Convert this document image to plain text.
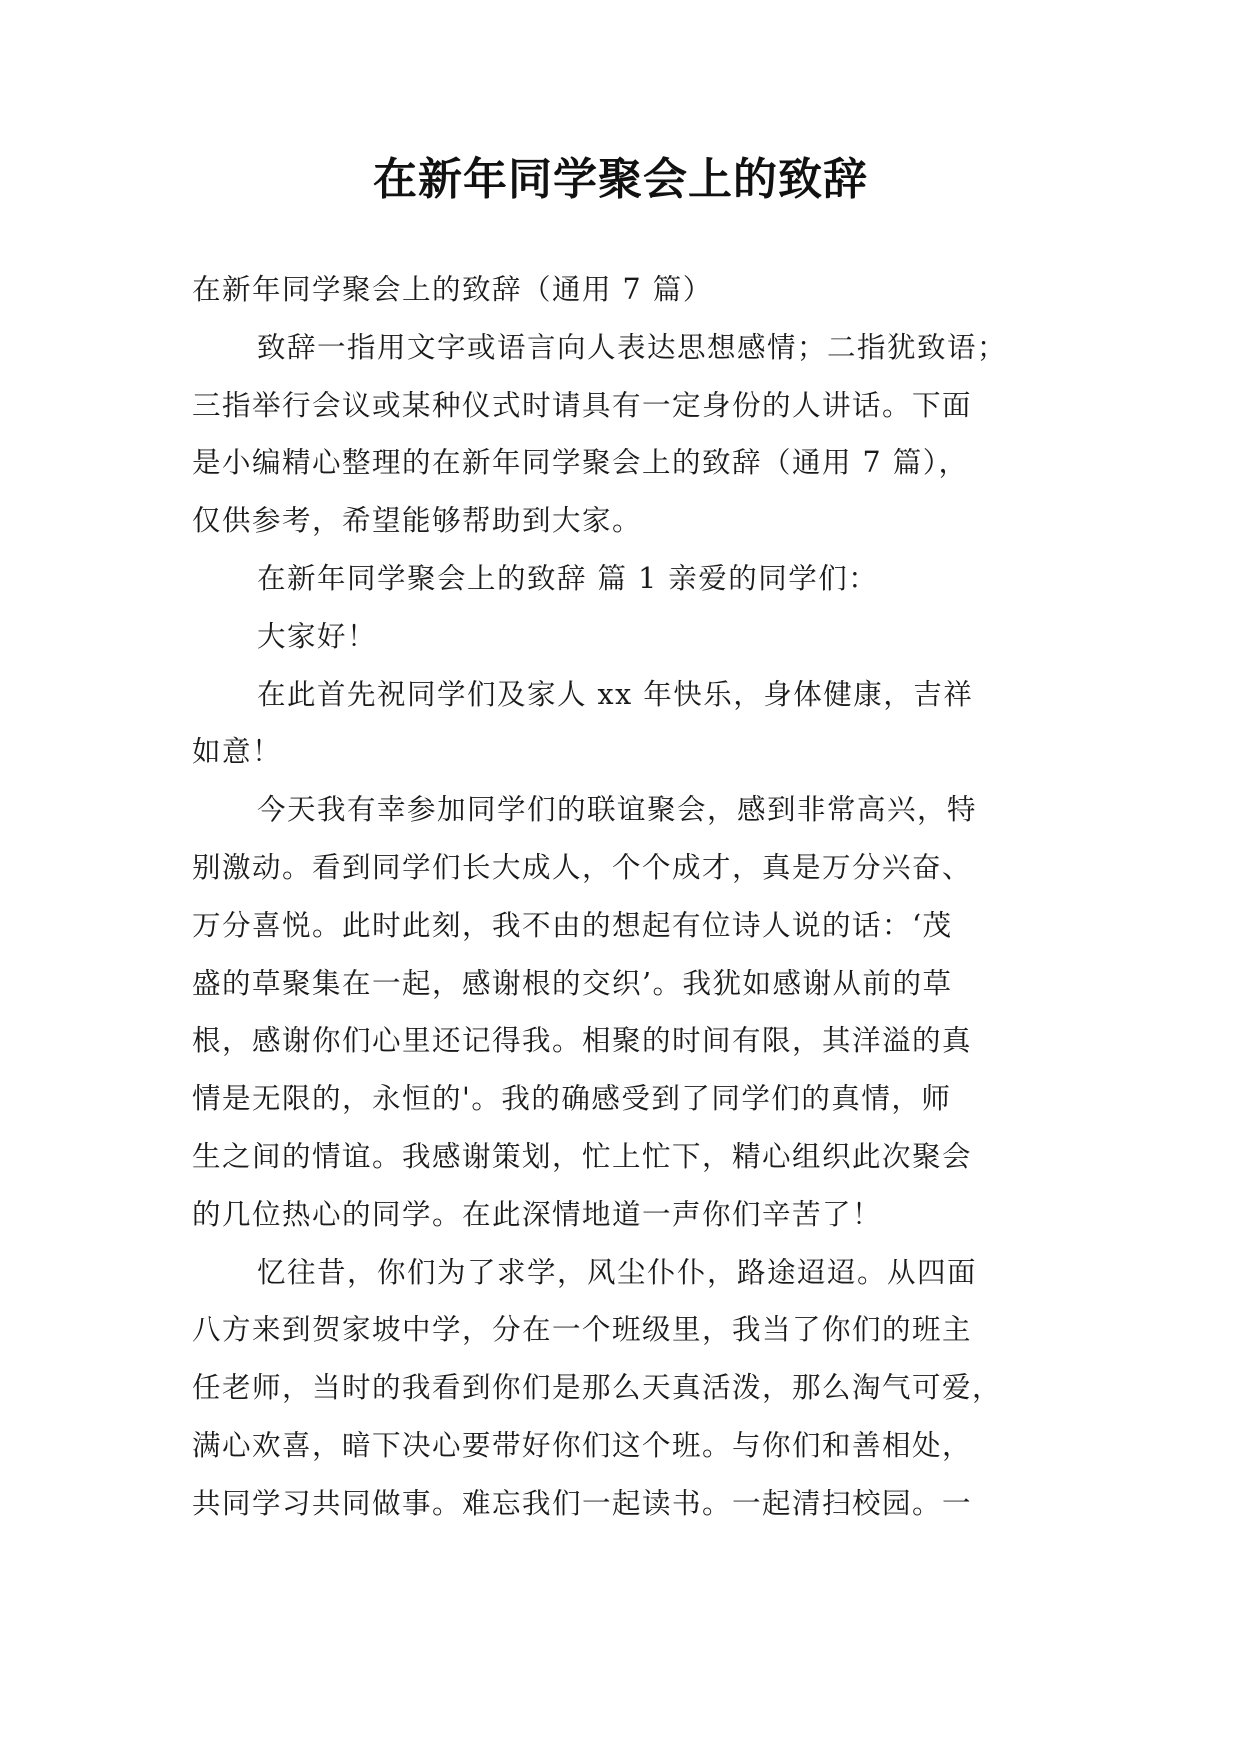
在新年同学聚会上的致辞
在新年同学聚会上的致辞（通用 7 篇）
致辞一指用文字或语言向人表达思想感情；二指犹致语；
三指举行会议或某种仪式时请具有一定身份的人讲话。下面
是小编精心整理的在新年同学聚会上的致辞（通用 7 篇），
仅供参考，希望能够帮助到大家。
在新年同学聚会上的致辞 篇 1 亲爱的同学们：
大家好！
在此首先祝同学们及家人 xx 年快乐，身体健康，吉祥
如意！
今天我有幸参加同学们的联谊聚会，感到非常高兴，特
别激动。看到同学们长大成人，个个成才，真是万分兴奋、
万分喜悦。此时此刻，我不由的想起有位诗人说的话：‘茂
盛的草聚集在一起，感谢根的交织’。我犹如感谢从前的草
根，感谢你们心里还记得我。相聚的时间有限，其洋溢的真
情是无限的，永恒的'。我的确感受到了同学们的真情，师
生之间的情谊。我感谢策划，忙上忙下，精心组织此次聚会
的几位热心的同学。在此深情地道一声你们辛苦了！
忆往昔，你们为了求学，风尘仆仆，路途迢迢。从四面
八方来到贺家坡中学，分在一个班级里，我当了你们的班主
任老师，当时的我看到你们是那么天真活泼，那么淘气可爱，
满心欢喜，暗下决心要带好你们这个班。与你们和善相处，
共同学习共同做事。难忘我们一起读书。一起清扫校园。一
